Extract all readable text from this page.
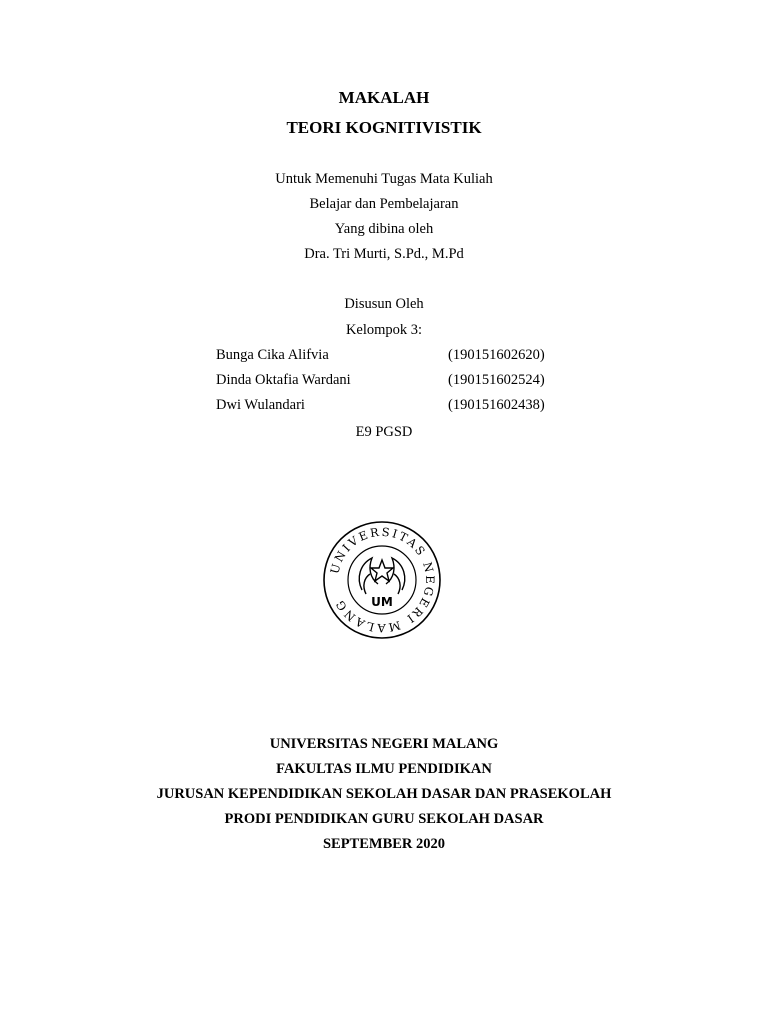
MAKALAH
TEORI KOGNITIVISTIK
Untuk Memenuhi Tugas Mata Kuliah
Belajar dan Pembelajaran
Yang dibina oleh
Dra. Tri Murti, S.Pd., M.Pd
Disusun Oleh
Kelompok 3:
Bunga Cika Alifvia	(190151602620)
Dinda Oktafia Wardani	(190151602524)
Dwi Wulandari	(190151602438)
E9 PGSD
UNIVERSITAS NEGERI MALANG	UM
UNIVERSITAS NEGERI MALANG
FAKULTAS ILMU PENDIDIKAN
JURUSAN KEPENDIDIKAN SEKOLAH DASAR DAN PRASEKOLAH
PRODI PENDIDIKAN GURU SEKOLAH DASAR
SEPTEMBER 2020
